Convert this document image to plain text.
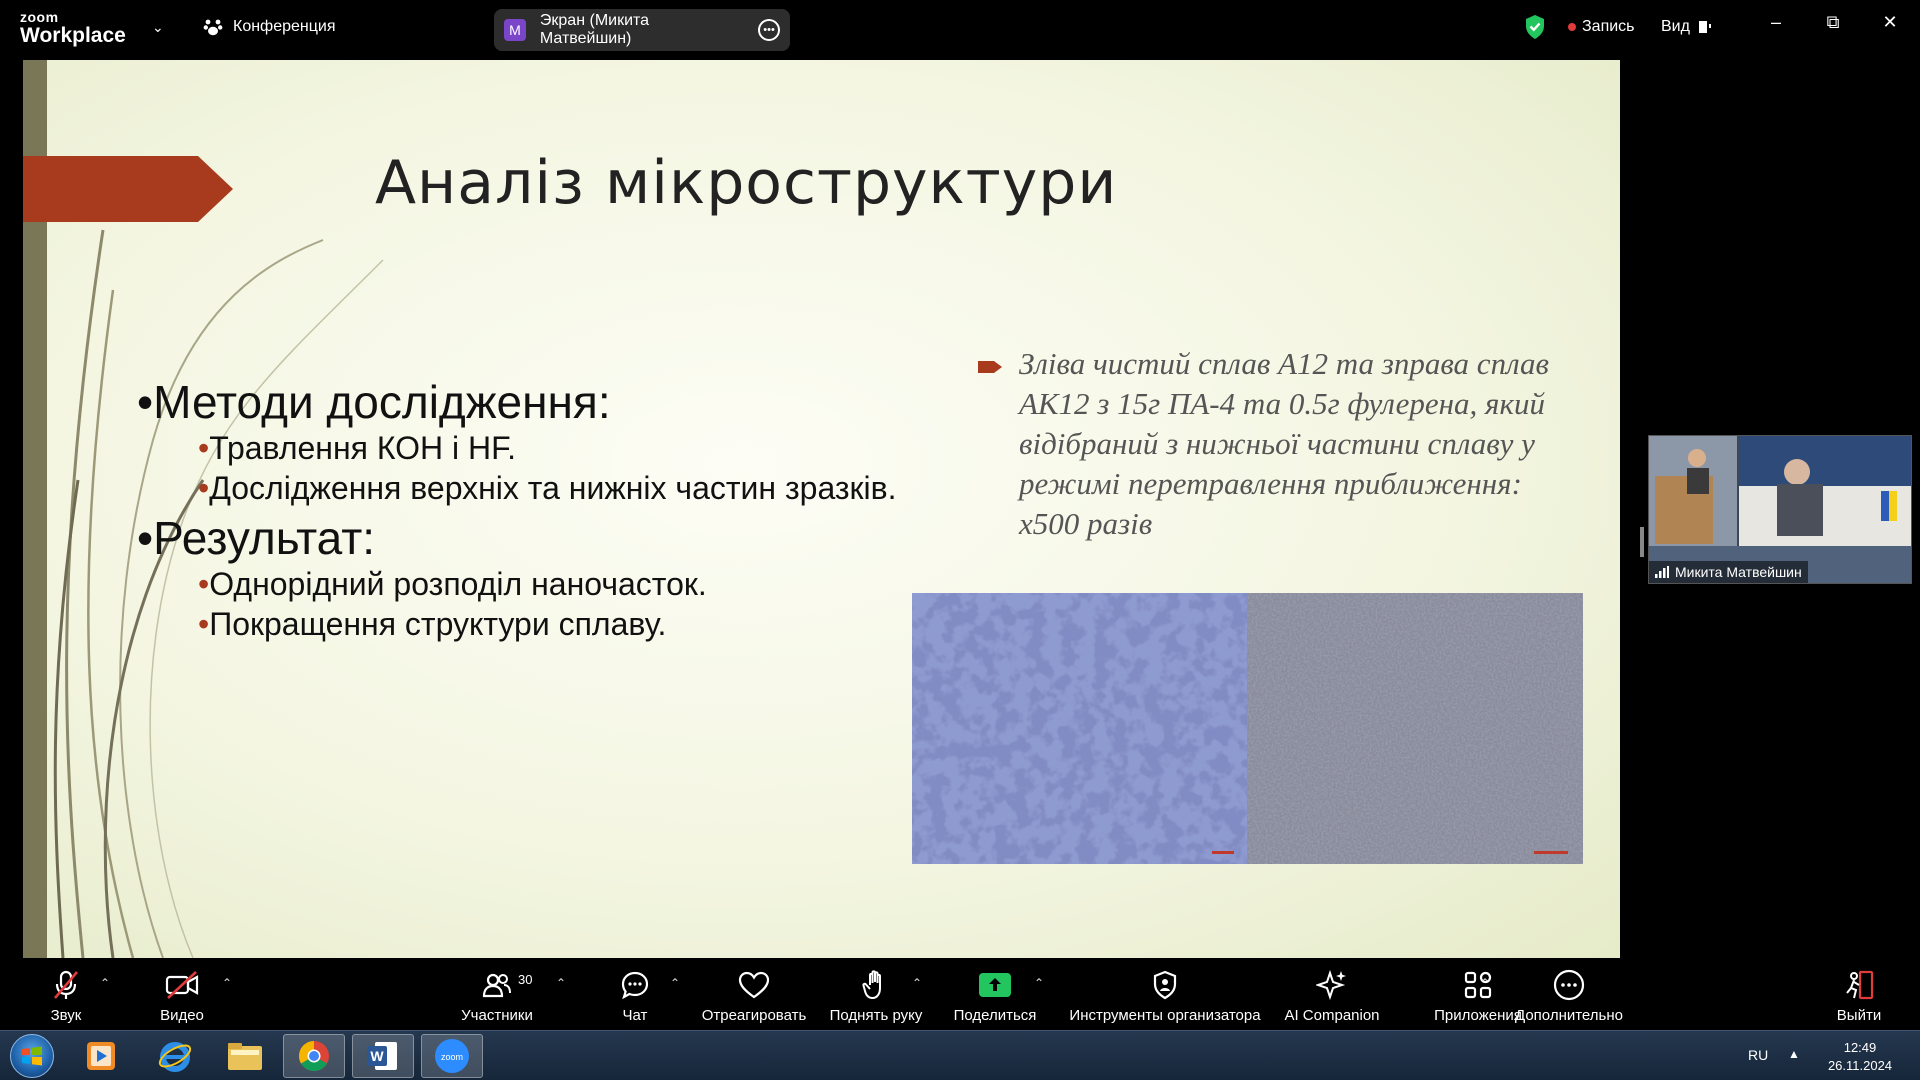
zoom
Workplace ⌄	Конференция	M
Экран (Микита Матвейшин)	•••	Запись Вид	–	⧉	✕
Аналіз мікроструктури
•Методи дослідження:
•Травлення КОН і HF.
•Дослідження верхніх та нижніх частин зразків.
•Результат:
•Однорідний розподіл наночасток.
•Покращення структури сплаву.
Зліва чистий сплав А12 та зправа сплав АК12 з 15г ПА-4 та 0.5г фулерена, який відібраний з нижньої частини сплаву у режимі перетравлення приближення: х500 разів
Микита Матвейшин
Звук
⌃
Видео
⌃
Участники
30 ⌃
Чат
⌃
Отреагировать Поднять руку
⌃
Поделиться
⌃
Инструменты организатора AI Companion	Приложения
⌃
Дополнительно	Выйти
W	zoom	RU ▲	12:49
26.11.2024
